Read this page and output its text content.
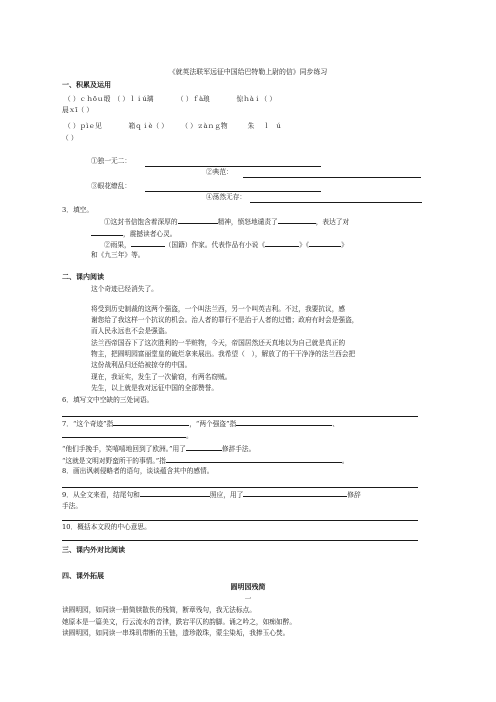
《就英法联军远征中国给巴特勒上尉的信》同步练习
一、积累及运用
（ ）ｃｈōｕ缎　（ ）ｌｉú璃　　　　（ ）ｆà琅　　　　惊ｈàｉ（ ）
晨ｘī（ ）
（ ）ｐìｅ见　　　　箱ｑｉè（ ）　　　（ ）ｚàｎｇ物　　　朱 　ｌ　ú
（ ）
①独一无二：
②典范：
③眼花缭乱：
④荡然无存：
3．填空。
①这封书信饱含着深厚的	精神，愤怒地谴责了	，表达了对
，震撼读者心灵。
②雨果，	（国籍）作家。代表作品有小说《	》《	》
和《九三年》等。
二、课内阅读
这个奇迹已经消失了。
将受到历史制裁的这两个强盗，一个叫法兰西，另一个叫英吉利。不过，我要抗议，感
谢您给了我这样一个抗议的机会。治人者的罪行不是治于人者的过错；政府有时会是强盗，
而人民永远也不会是强盗。
法兰西帝国吞下了这次胜利的一半赃物，今天，帝国居然还天真地以为自己就是真正的
物主，把圆明园富丽堂皇的破烂拿来展出。我希望（　），解放了的干干净净的法兰西会把
这份战利品归还给被掠夺的中国。
现在，我证实，发生了一次偷窃，有两名窃贼。
先生，以上就是我对远征中国的全部赞誉。
6．填写文中空缺的三处词语。
7．“这个奇迹”指	，“两个强盗”指	、
。
“他们手挽手，笑嘻嘻地回到了欧洲。”用了	修辞手法。
“这就是文明对野蛮所干的事情。”指	。
8．画出讽刺侵略者的语句，谈谈蕴含其中的感情。
9．从全文来看，结尾句和	照应，用了	修辞
手法。
10．概括本文段的中心意思。
三、课内外对比阅读
四、课外拓展
圆明园残简
一
读圆明园，如同读一册简牍散佚的残简，断章残句，我无法标点。
她原本是一篇美文，行云流水的音律，跌宕平仄的韵脚。诵之吟之，如痴如醉。
读圆明园，如同读一串珠玑带断的玉链，遗珍散珠，蒙尘染垢，我捧玉心焚。
